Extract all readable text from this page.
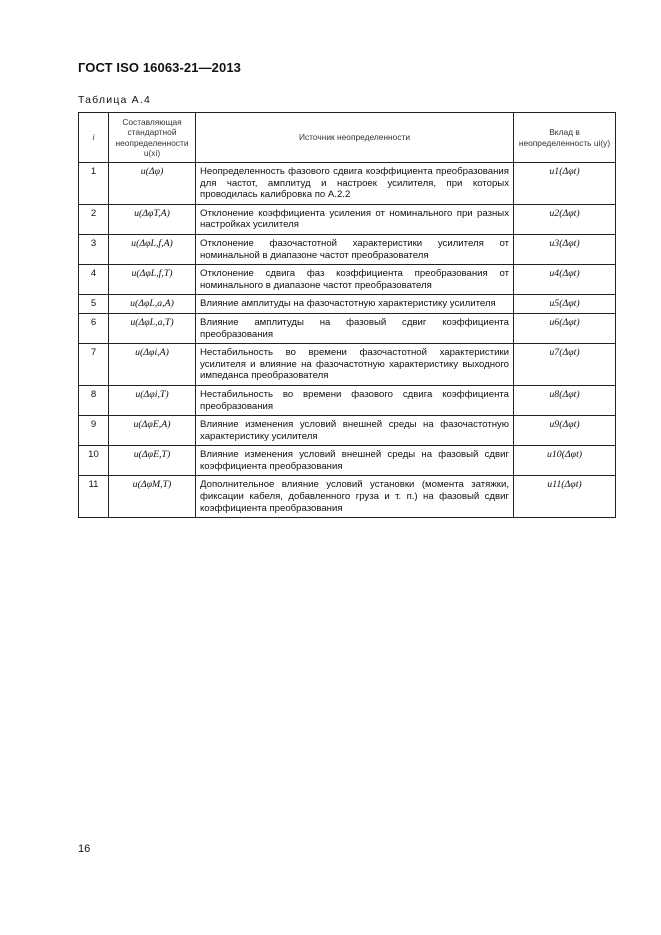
ГОСТ ISO 16063-21—2013
Таблица А.4
i	Составляющая стандартной неопределенности u(xi)	Источник неопределенности	Вклад в неопределенность ui(y)
1	u(Δφ)	Неопределенность фазового сдвига коэффициента преобразования для частот, амплитуд и настроек усилителя, при которых проводилась калибровка по А.2.2	u1(Δφt)
2	u(ΔφT,A)	Отклонение коэффициента усиления от номинального при разных настройках усилителя	u2(Δφt)
3	u(ΔφL,f,A)	Отклонение фазочастотной характеристики усилителя от номинальной в диапазоне частот преобразователя	u3(Δφt)
4	u(ΔφL,f,T)	Отклонение сдвига фаз коэффициента преобразования от номинального в диапазоне частот преобразователя	u4(Δφt)
5	u(ΔφL,a,A)	Влияние амплитуды на фазочастотную характеристику усилителя	u5(Δφt)
6	u(ΔφL,a,T)	Влияние амплитуды на фазовый сдвиг коэффициента преобразования	u6(Δφt)
7	u(Δφi,A)	Нестабильность во времени фазочастотной характеристики усилителя и влияние на фазочастотную характеристику выходного импеданса преобразователя	u7(Δφt)
8	u(Δφi,T)	Нестабильность во времени фазового сдвига коэффициента преобразования	u8(Δφt)
9	u(ΔφE,A)	Влияние изменения условий внешней среды на фазочастотную характеристику усилителя	u9(Δφt)
10	u(ΔφE,T)	Влияние изменения условий внешней среды на фазовый сдвиг коэффициента преобразования	u10(Δφt)
11	u(ΔφM,T)	Дополнительное влияние условий установки (момента затяжки, фиксации кабеля, добавленного груза и т. п.) на фазовый сдвиг коэффициента преобразования	u11(Δφt)
16
